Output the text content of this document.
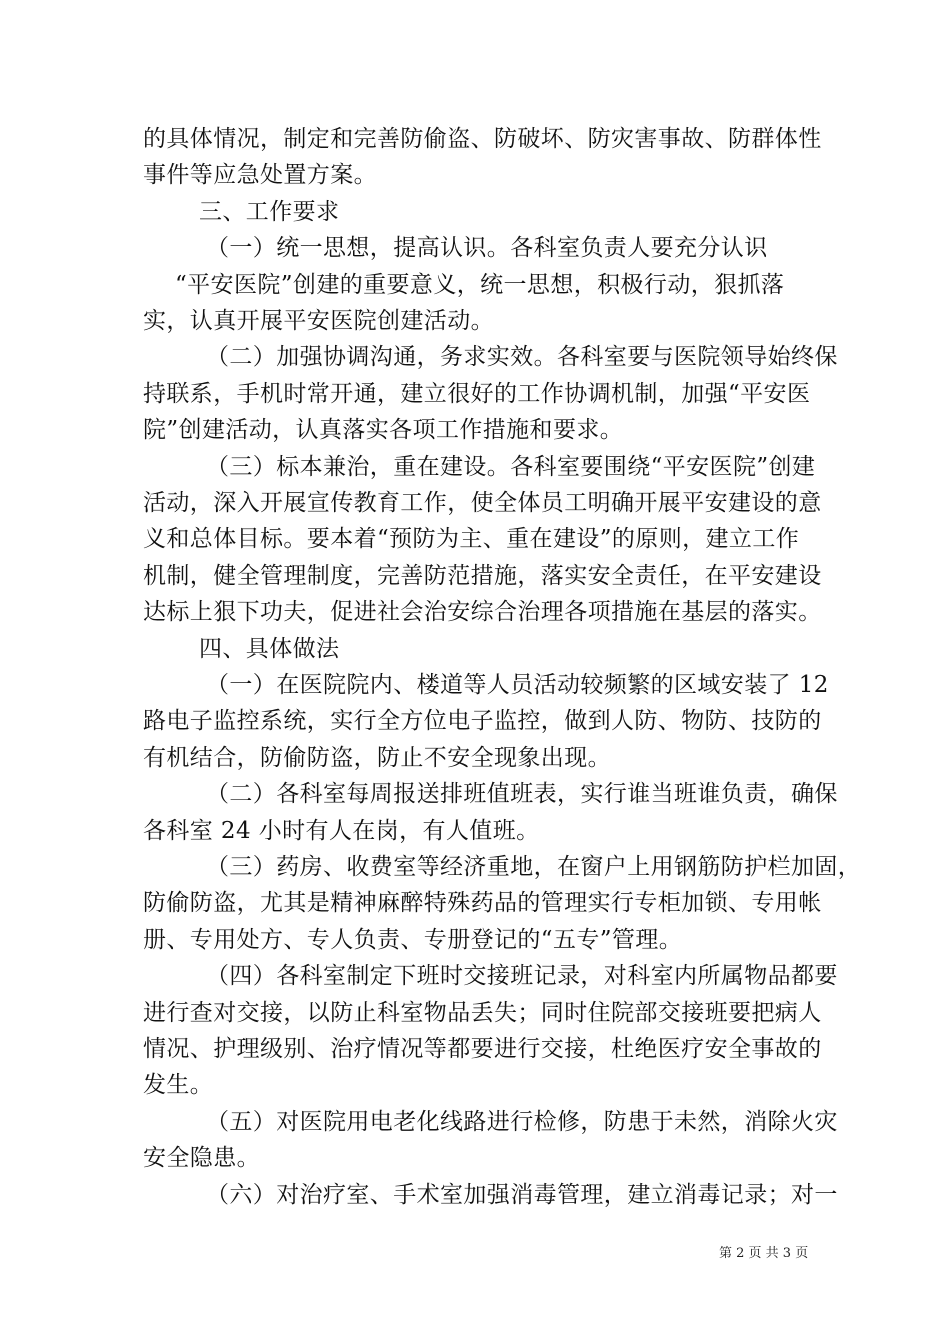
的具体情况，制定和完善防偷盗、防破坏、防灾害事故、防群体性
事件等应急处置方案。
三、工作要求
（一）统一思想，提高认识。各科室负责人要充分认识
“平安医院”创建的重要意义，统一思想，积极行动，狠抓落
实，认真开展平安医院创建活动。
（二）加强协调沟通，务求实效。各科室要与医院领导始终保
持联系，手机时常开通，建立很好的工作协调机制，加强“平安医
院”创建活动，认真落实各项工作措施和要求。
（三）标本兼治，重在建设。各科室要围绕“平安医院”创建
活动，深入开展宣传教育工作，使全体员工明确开展平安建设的意
义和总体目标。要本着“预防为主、重在建设”的原则，建立工作
机制，健全管理制度，完善防范措施，落实安全责任，在平安建设
达标上狠下功夫，促进社会治安综合治理各项措施在基层的落实。
四、具体做法
（一）在医院院内、楼道等人员活动较频繁的区域安装了 12
路电子监控系统，实行全方位电子监控，做到人防、物防、技防的
有机结合，防偷防盗，防止不安全现象出现。
（二）各科室每周报送排班值班表，实行谁当班谁负责，确保
各科室 24 小时有人在岗，有人值班。
（三）药房、收费室等经济重地，在窗户上用钢筋防护栏加固，
防偷防盗，尤其是精神麻醉特殊药品的管理实行专柜加锁、专用帐
册、专用处方、专人负责、专册登记的“五专”管理。
（四）各科室制定下班时交接班记录，对科室内所属物品都要
进行查对交接，以防止科室物品丢失；同时住院部交接班要把病人
情况、护理级别、治疗情况等都要进行交接，杜绝医疗安全事故的
发生。
（五）对医院用电老化线路进行检修，防患于未然，消除火灾
安全隐患。
（六）对治疗室、手术室加强消毒管理，建立消毒记录；对一
第 2 页 共 3 页
